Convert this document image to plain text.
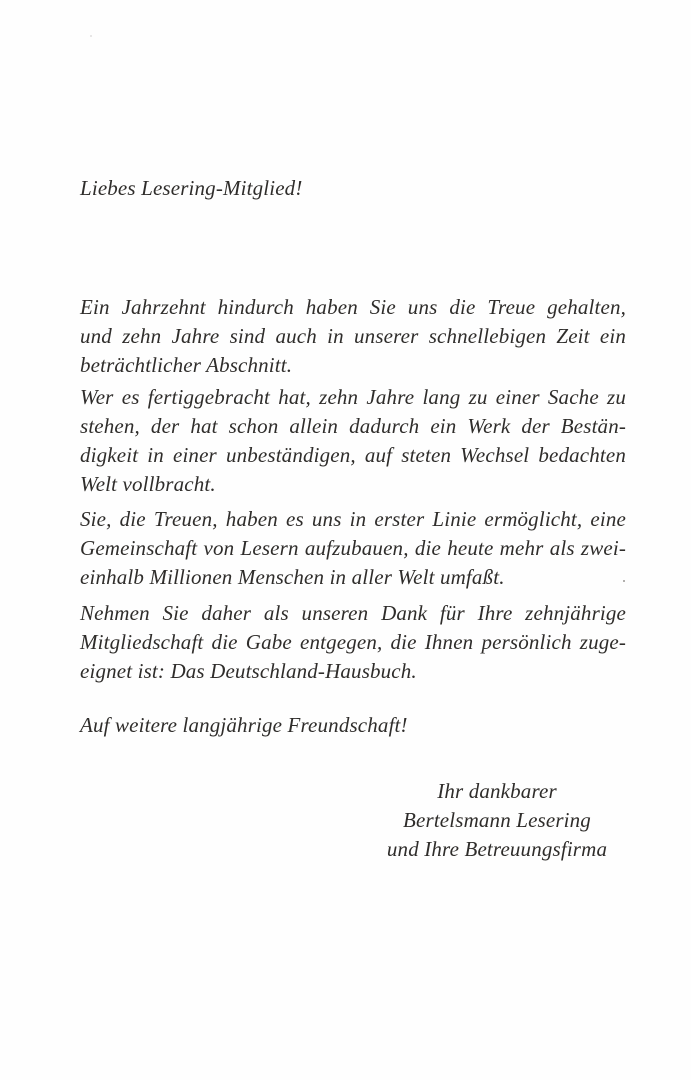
Liebes Lesering-Mitglied!
Ein Jahrzehnt hindurch haben Sie uns die Treue gehalten,
und zehn Jahre sind auch in unserer schnellebigen Zeit ein
beträchtlicher Abschnitt.
Wer es fertiggebracht hat, zehn Jahre lang zu einer Sache zu
stehen, der hat schon allein dadurch ein Werk der Bestän-
digkeit in einer unbeständigen, auf steten Wechsel bedachten
Welt vollbracht.
Sie, die Treuen, haben es uns in erster Linie ermöglicht, eine
Gemeinschaft von Lesern aufzubauen, die heute mehr als zwei-
einhalb Millionen Menschen in aller Welt umfaßt.
Nehmen Sie daher als unseren Dank für Ihre zehnjährige
Mitgliedschaft die Gabe entgegen, die Ihnen persönlich zuge-
eignet ist: Das Deutschland-Hausbuch.
Auf weitere langjährige Freundschaft!
Ihr dankbarer
Bertelsmann Lesering
und Ihre Betreuungsfirma
